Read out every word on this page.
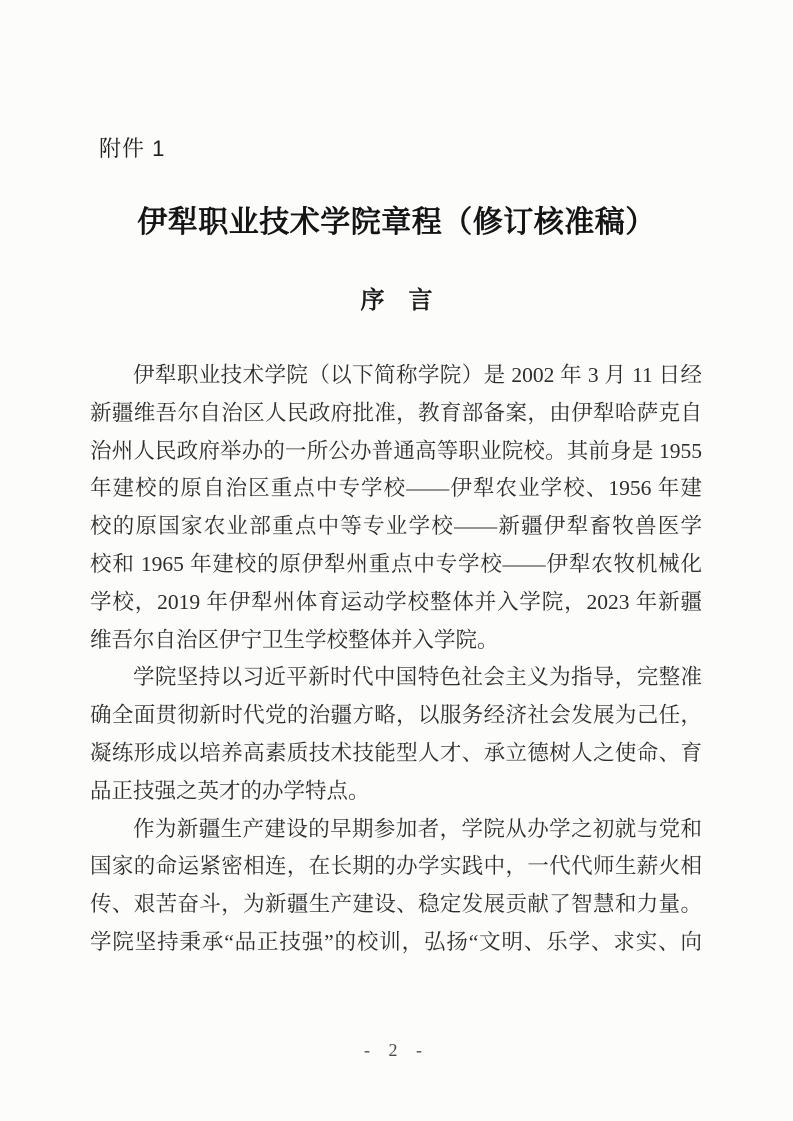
附件 1
伊犁职业技术学院章程（修订核准稿）
序　言
伊犁职业技术学院（以下简称学院）是 2002 年 3 月 11 日经
新疆维吾尔自治区人民政府批准，教育部备案，由伊犁哈萨克自
治州人民政府举办的一所公办普通高等职业院校。其前身是 1955
年建校的原自治区重点中专学校——伊犁农业学校、1956 年建
校的原国家农业部重点中等专业学校——新疆伊犁畜牧兽医学
校和 1965 年建校的原伊犁州重点中专学校——伊犁农牧机械化
学校，2019 年伊犁州体育运动学校整体并入学院，2023 年新疆
维吾尔自治区伊宁卫生学校整体并入学院。
学院坚持以习近平新时代中国特色社会主义为指导，完整准
确全面贯彻新时代党的治疆方略，以服务经济社会发展为己任，
凝练形成以培养高素质技术技能型人才、承立德树人之使命、育
品正技强之英才的办学特点。
作为新疆生产建设的早期参加者，学院从办学之初就与党和
国家的命运紧密相连，在长期的办学实践中，一代代师生薪火相
传、艰苦奋斗，为新疆生产建设、稳定发展贡献了智慧和力量。
学院坚持秉承“品正技强”的校训，弘扬“文明、乐学、求实、向
- 2 -
